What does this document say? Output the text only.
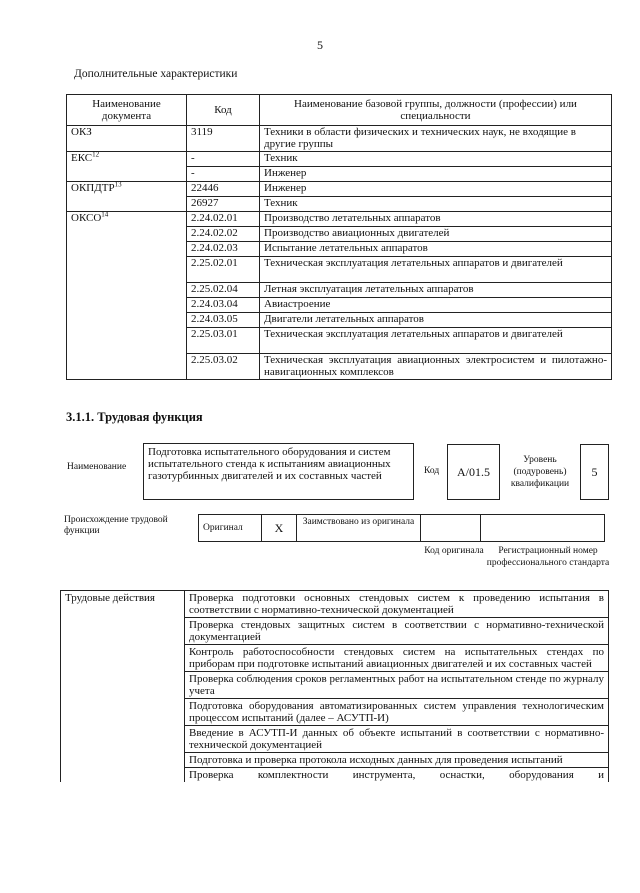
5
Дополнительные характеристики
Наименование документа	Код	Наименование базовой группы, должности (профессии) или специальности
ОКЗ	3119	Техники в области физических и технических наук, не входящие в другие группы
ЕКС$^{12}$	-	Техник
	-	Инженер
ОКПДТР$^{13}$	22446	Инженер
	26927	Техник
ОКСО$^{14}$	2.24.02.01	Производство летательных аппаратов
	2.24.02.02	Производство авиационных двигателей
	2.24.02.03	Испытание летательных аппаратов
	2.25.02.01	Техническая эксплуатация летательных аппаратов и двигателей
	2.25.02.04	Летная эксплуатация летательных аппаратов
	2.24.03.04	Авиастроение
	2.24.03.05	Двигатели летательных аппаратов
	2.25.03.01	Техническая эксплуатация летательных аппаратов и двигателей
	2.25.03.02	Техническая эксплуатация авиационных электросистем и пилотажно-навигационных комплексов
3.1.1. Трудовая функция
Наименование
Подготовка испытательного оборудования и систем испытательного стенда к испытаниям авиационных газотурбинных двигателей и их составных частей	Код	A/01.5
Уровень (подуровень) квалификации
5
Происхождение трудовой функции	Оригинал	X	Заимствовано из оригинала		
Код оригинала	Регистрационный номер профессионального стандарта
Трудовые действия	Проверка подготовки основных стендовых систем к проведению испытания в соответствии с нормативно-технической документацией
Проверка стендовых защитных систем в соответствии с нормативно-технической документацией
Контроль работоспособности стендовых систем на испытательных стендах по приборам при подготовке испытаний авиационных двигателей и их составных частей
Проверка соблюдения сроков регламентных работ на испытательном стенде по журналу учета
Подготовка оборудования автоматизированных систем управления технологическим процессом испытаний (далее – АСУТП-И)
Введение в АСУТП-И данных об объекте испытаний в соответствии с нормативно-технической документацией
Подготовка и проверка протокола исходных данных для проведения испытаний
Проверка комплектности инструмента, оснастки, оборудования и
